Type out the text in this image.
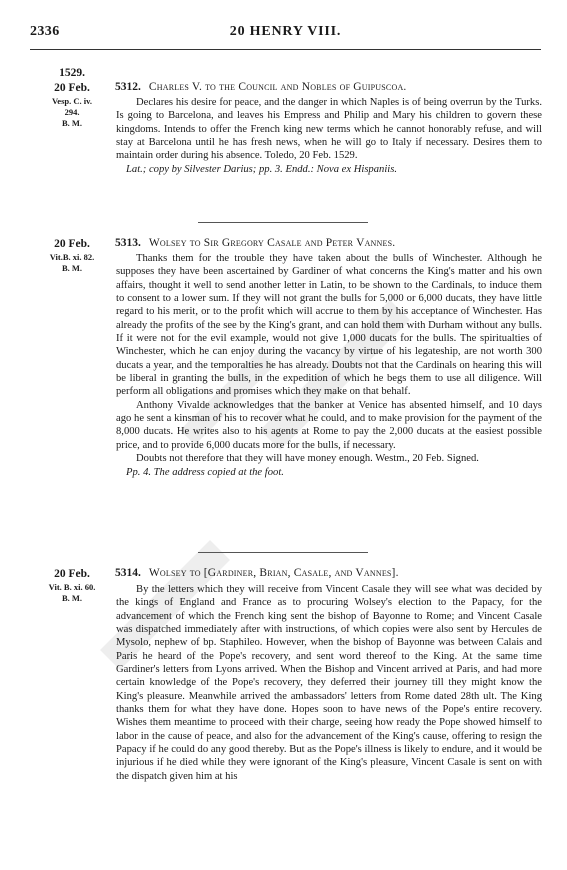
2336	20 HENRY VIII.
1529.
20 Feb.
Vesp. C. iv.
294.
B. M.
5312. Charles V. to the Council and Nobles of Guipuscoa.

Declares his desire for peace, and the danger in which Naples is of being overrun by the Turks. Is going to Barcelona, and leaves his Empress and Philip and Mary his children to govern these kingdoms. Intends to offer the French king new terms which he cannot honorably refuse, and will stay at Barcelona until he has fresh news, when he will go to Italy if necessary. Desires them to maintain order during his absence. Toledo, 20 Feb. 1529.

Lat.; copy by Silvester Darius; pp. 3. Endd.: Nova ex Hispaniis.

20 Feb.
Vit.B. xi. 82.
B. M.
5313. Wolsey to Sir Gregory Casale and Peter Vannes.

Thanks them for the trouble they have taken about the bulls of Winchester. Although he supposes they have been ascertained by Gardiner of what concerns the King's matter and his own affairs, thought it well to send another letter in Latin, to be shown to the Cardinals, to induce them to consent to a lower sum. If they will not grant the bulls for 5,000 or 6,000 ducats, they have little regard to his merit, or to the profit which will accrue to them by his acceptance of Winchester. Has already the profits of the see by the King's grant, and can hold them with Durham without any bulls. If it were not for the evil example, would not give 1,000 ducats for the bulls. The spiritualties of Winchester, which he can enjoy during the vacancy by virtue of his legateship, are not worth 300 ducats a year, and the temporalties he has already. Doubts not that the Cardinals on hearing this will be liberal in granting the bulls, in the expedition of which he begs them to use all diligence. Will perform all obligations and promises which they make on that behalf.

Anthony Vivalde acknowledges that the banker at Venice has absented himself, and 10 days ago he sent a kinsman of his to recover what he could, and to make provision for the payment of the 8,000 ducats. He writes also to his agents at Rome to pay the 2,000 ducats at the easiest possible price, and to provide 6,000 ducats more for the bulls, if necessary.

Doubts not therefore that they will have money enough. Westm., 20 Feb. Signed.

Pp. 4. The address copied at the foot.

20 Feb.
Vit. B. xi. 60.
B. M.
5314. Wolsey to [Gardiner, Brian, Casale, and Vannes].

By the letters which they will receive from Vincent Casale they will see what was decided by the kings of England and France as to procuring Wolsey's election to the Papacy, for the advancement of which the French king sent the bishop of Bayonne to Rome; and Vincent Casale was dispatched immediately after with instructions, of which copies were also sent by Hercules de Mysolo, nephew of bp. Staphileo. However, when the bishop of Bayonne was between Calais and Paris he heard of the Pope's recovery, and sent word thereof to the King. At the same time Gardiner's letters from Lyons arrived. When the Bishop and Vincent arrived at Paris, and had more certain knowledge of the Pope's recovery, they deferred their journey till they might know the King's pleasure. Meanwhile arrived the ambassadors' letters from Rome dated 28th ult. The King thanks them for what they have done. Hopes soon to have news of the Pope's entire recovery. Wishes them meantime to proceed with their charge, seeing how ready the Pope showed himself to labor in the cause of peace, and also for the advancement of the King's cause, offering to resign the Papacy if he could do any good thereby. But as the Pope's illness is likely to endure, and it would be injurious if he died while they were ignorant of the King's pleasure, Vincent Casale is sent on with the dispatch given him at his
